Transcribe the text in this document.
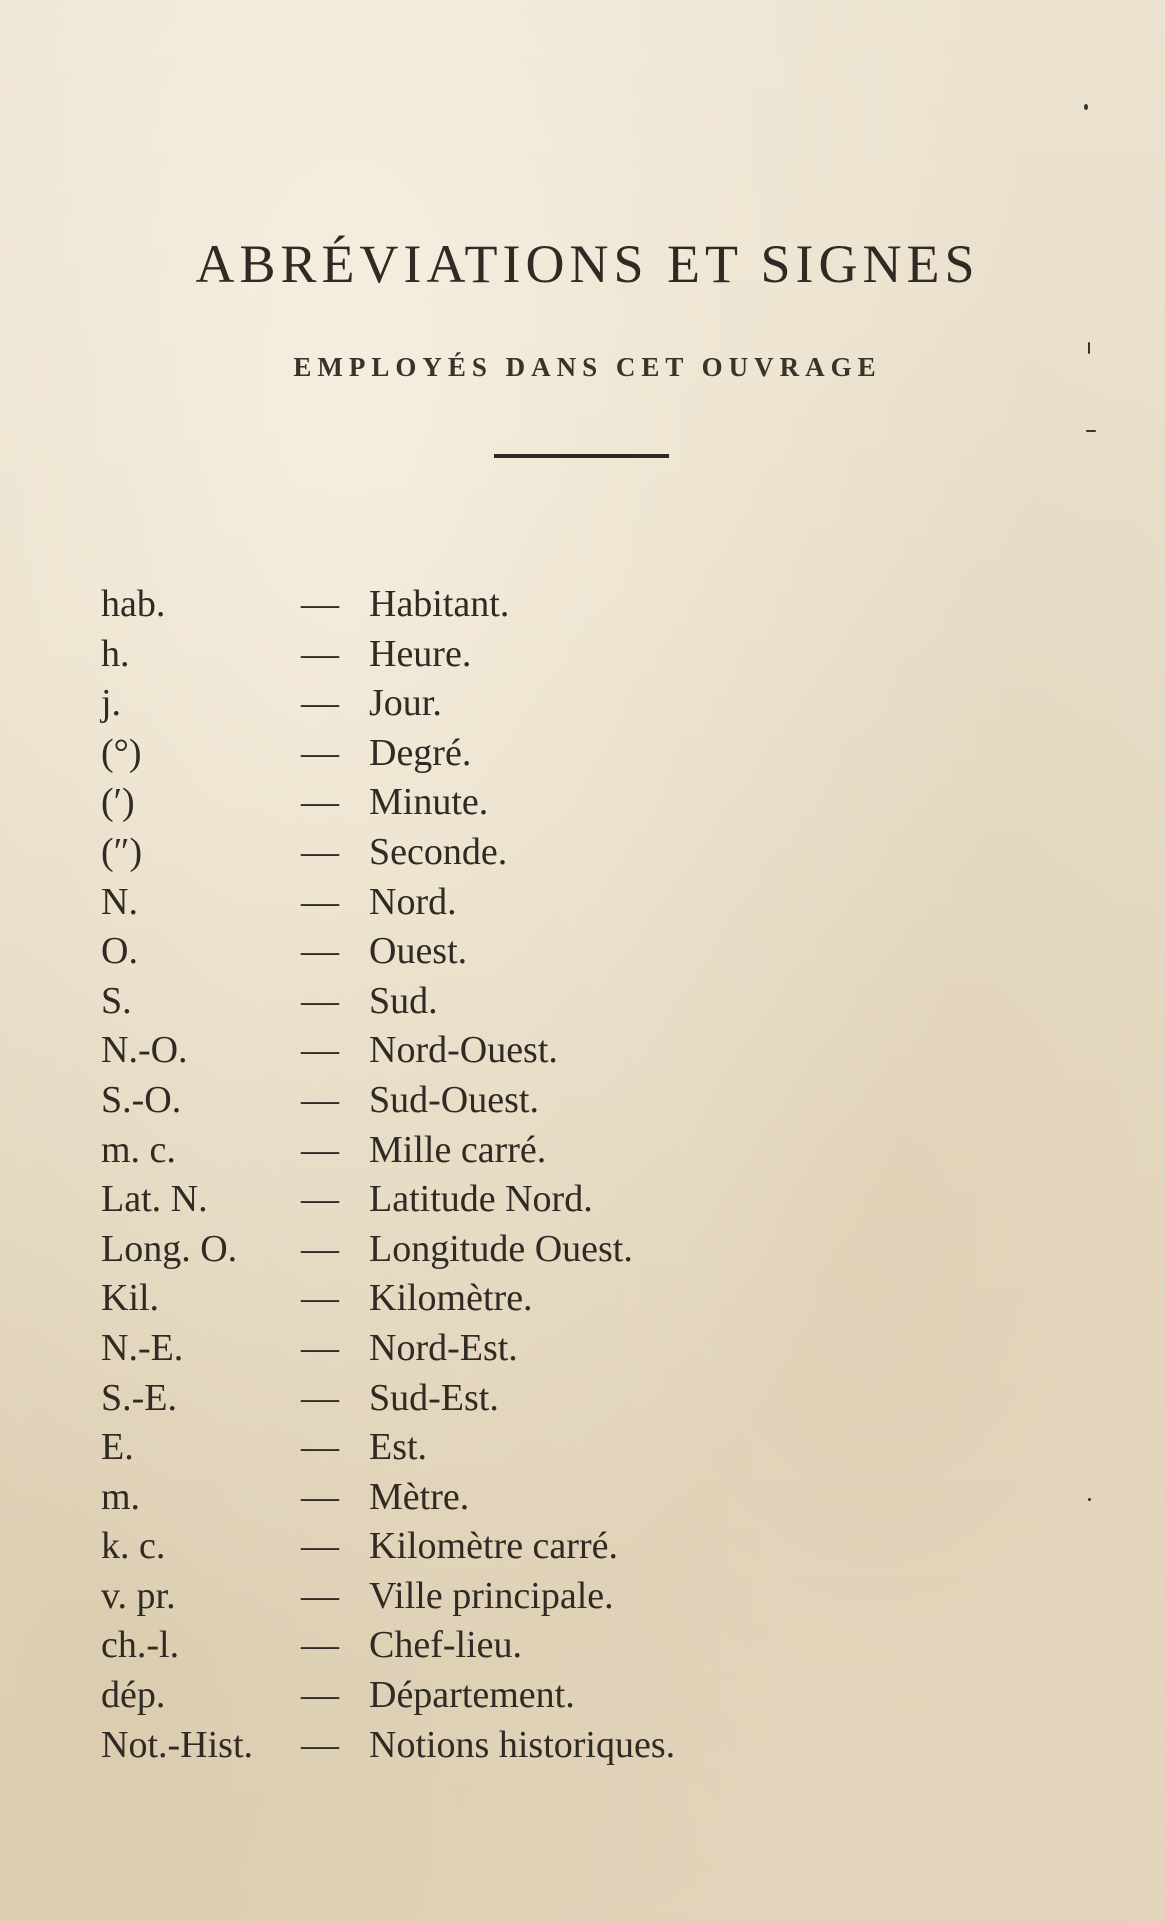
ABRÉVIATIONS ET SIGNES
EMPLOYÉS DANS CET OUVRAGE
hab.	— Habitant.
h.	— Heure.
j.	— Jour.
(°)	— Degré.
(′)	— Minute.
(″)	— Seconde.
N.	— Nord.
O.	— Ouest.
S.	— Sud.
N.-O.	— Nord-Ouest.
S.-O.	— Sud-Ouest.
m. c.	— Mille carré.
Lat. N.	— Latitude Nord.
Long. O.	— Longitude Ouest.
Kil.	— Kilomètre.
N.-E.	— Nord-Est.
S.-E.	— Sud-Est.
E.	— Est.
m.	— Mètre.
k. c.	— Kilomètre carré.
v. pr.	— Ville principale.
ch.-l.	— Chef-lieu.
dép.	— Département.
Not.-Hist.	— Notions historiques.
